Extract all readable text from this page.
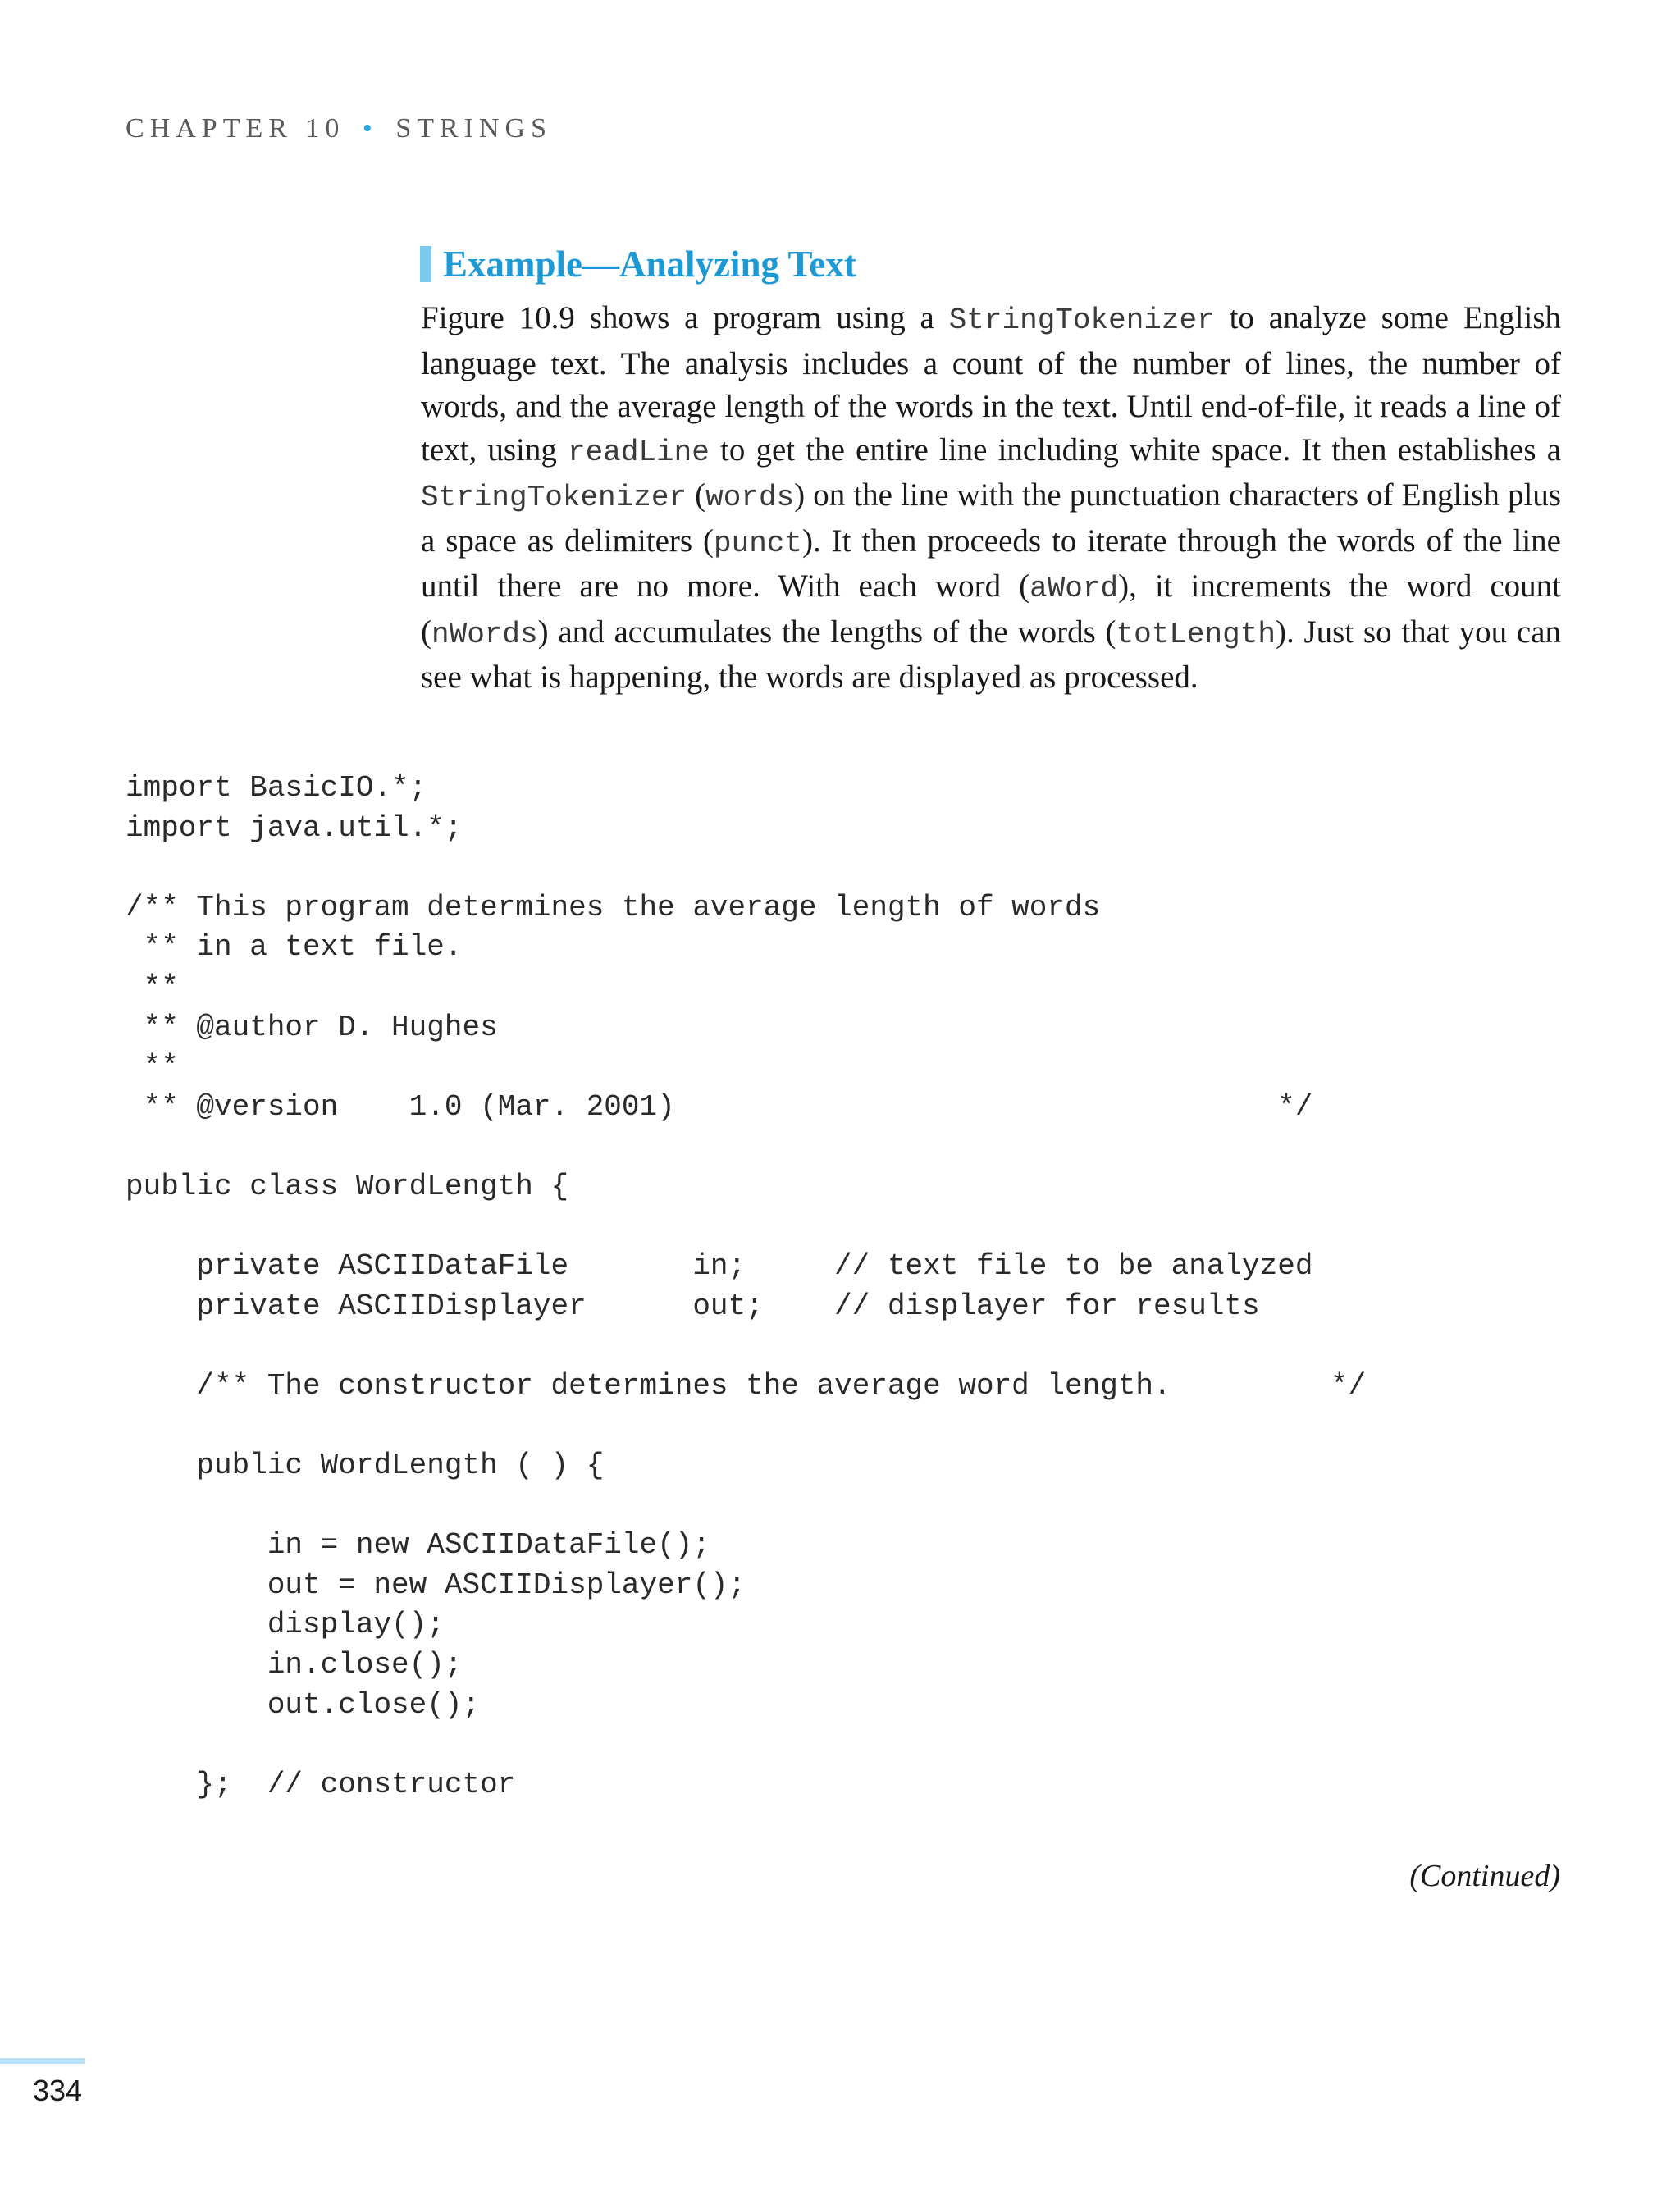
CHAPTER 10 • STRINGS
Example—Analyzing Text
Figure 10.9 shows a program using a StringTokenizer to analyze some English language text. The analysis includes a count of the number of lines, the number of words, and the average length of the words in the text. Until end-of-file, it reads a line of text, using readLine to get the entire line including white space. It then establishes a StringTokenizer (words) on the line with the punctuation characters of English plus a space as delimiters (punct). It then proceeds to iterate through the words of the line until there are no more. With each word (aWord), it increments the word count (nWords) and accumulates the lengths of the words (totLength). Just so that you can see what is happening, the words are displayed as processed.
import BasicIO.*;
import java.util.*;

/** This program determines the average length of words
** in a text file.
**
** @author D. Hughes
**
** @version    1.0 (Mar. 2001)                                  */

public class WordLength {

private ASCIIDataFile       in;     // text file to be analyzed
private ASCIIDisplayer      out;    // displayer for results

/** The constructor determines the average word length.         */

public WordLength ( ) {

in = new ASCIIDataFile();
out = new ASCIIDisplayer();
display();
in.close();
out.close();

};  // constructor
(Continued)
334
